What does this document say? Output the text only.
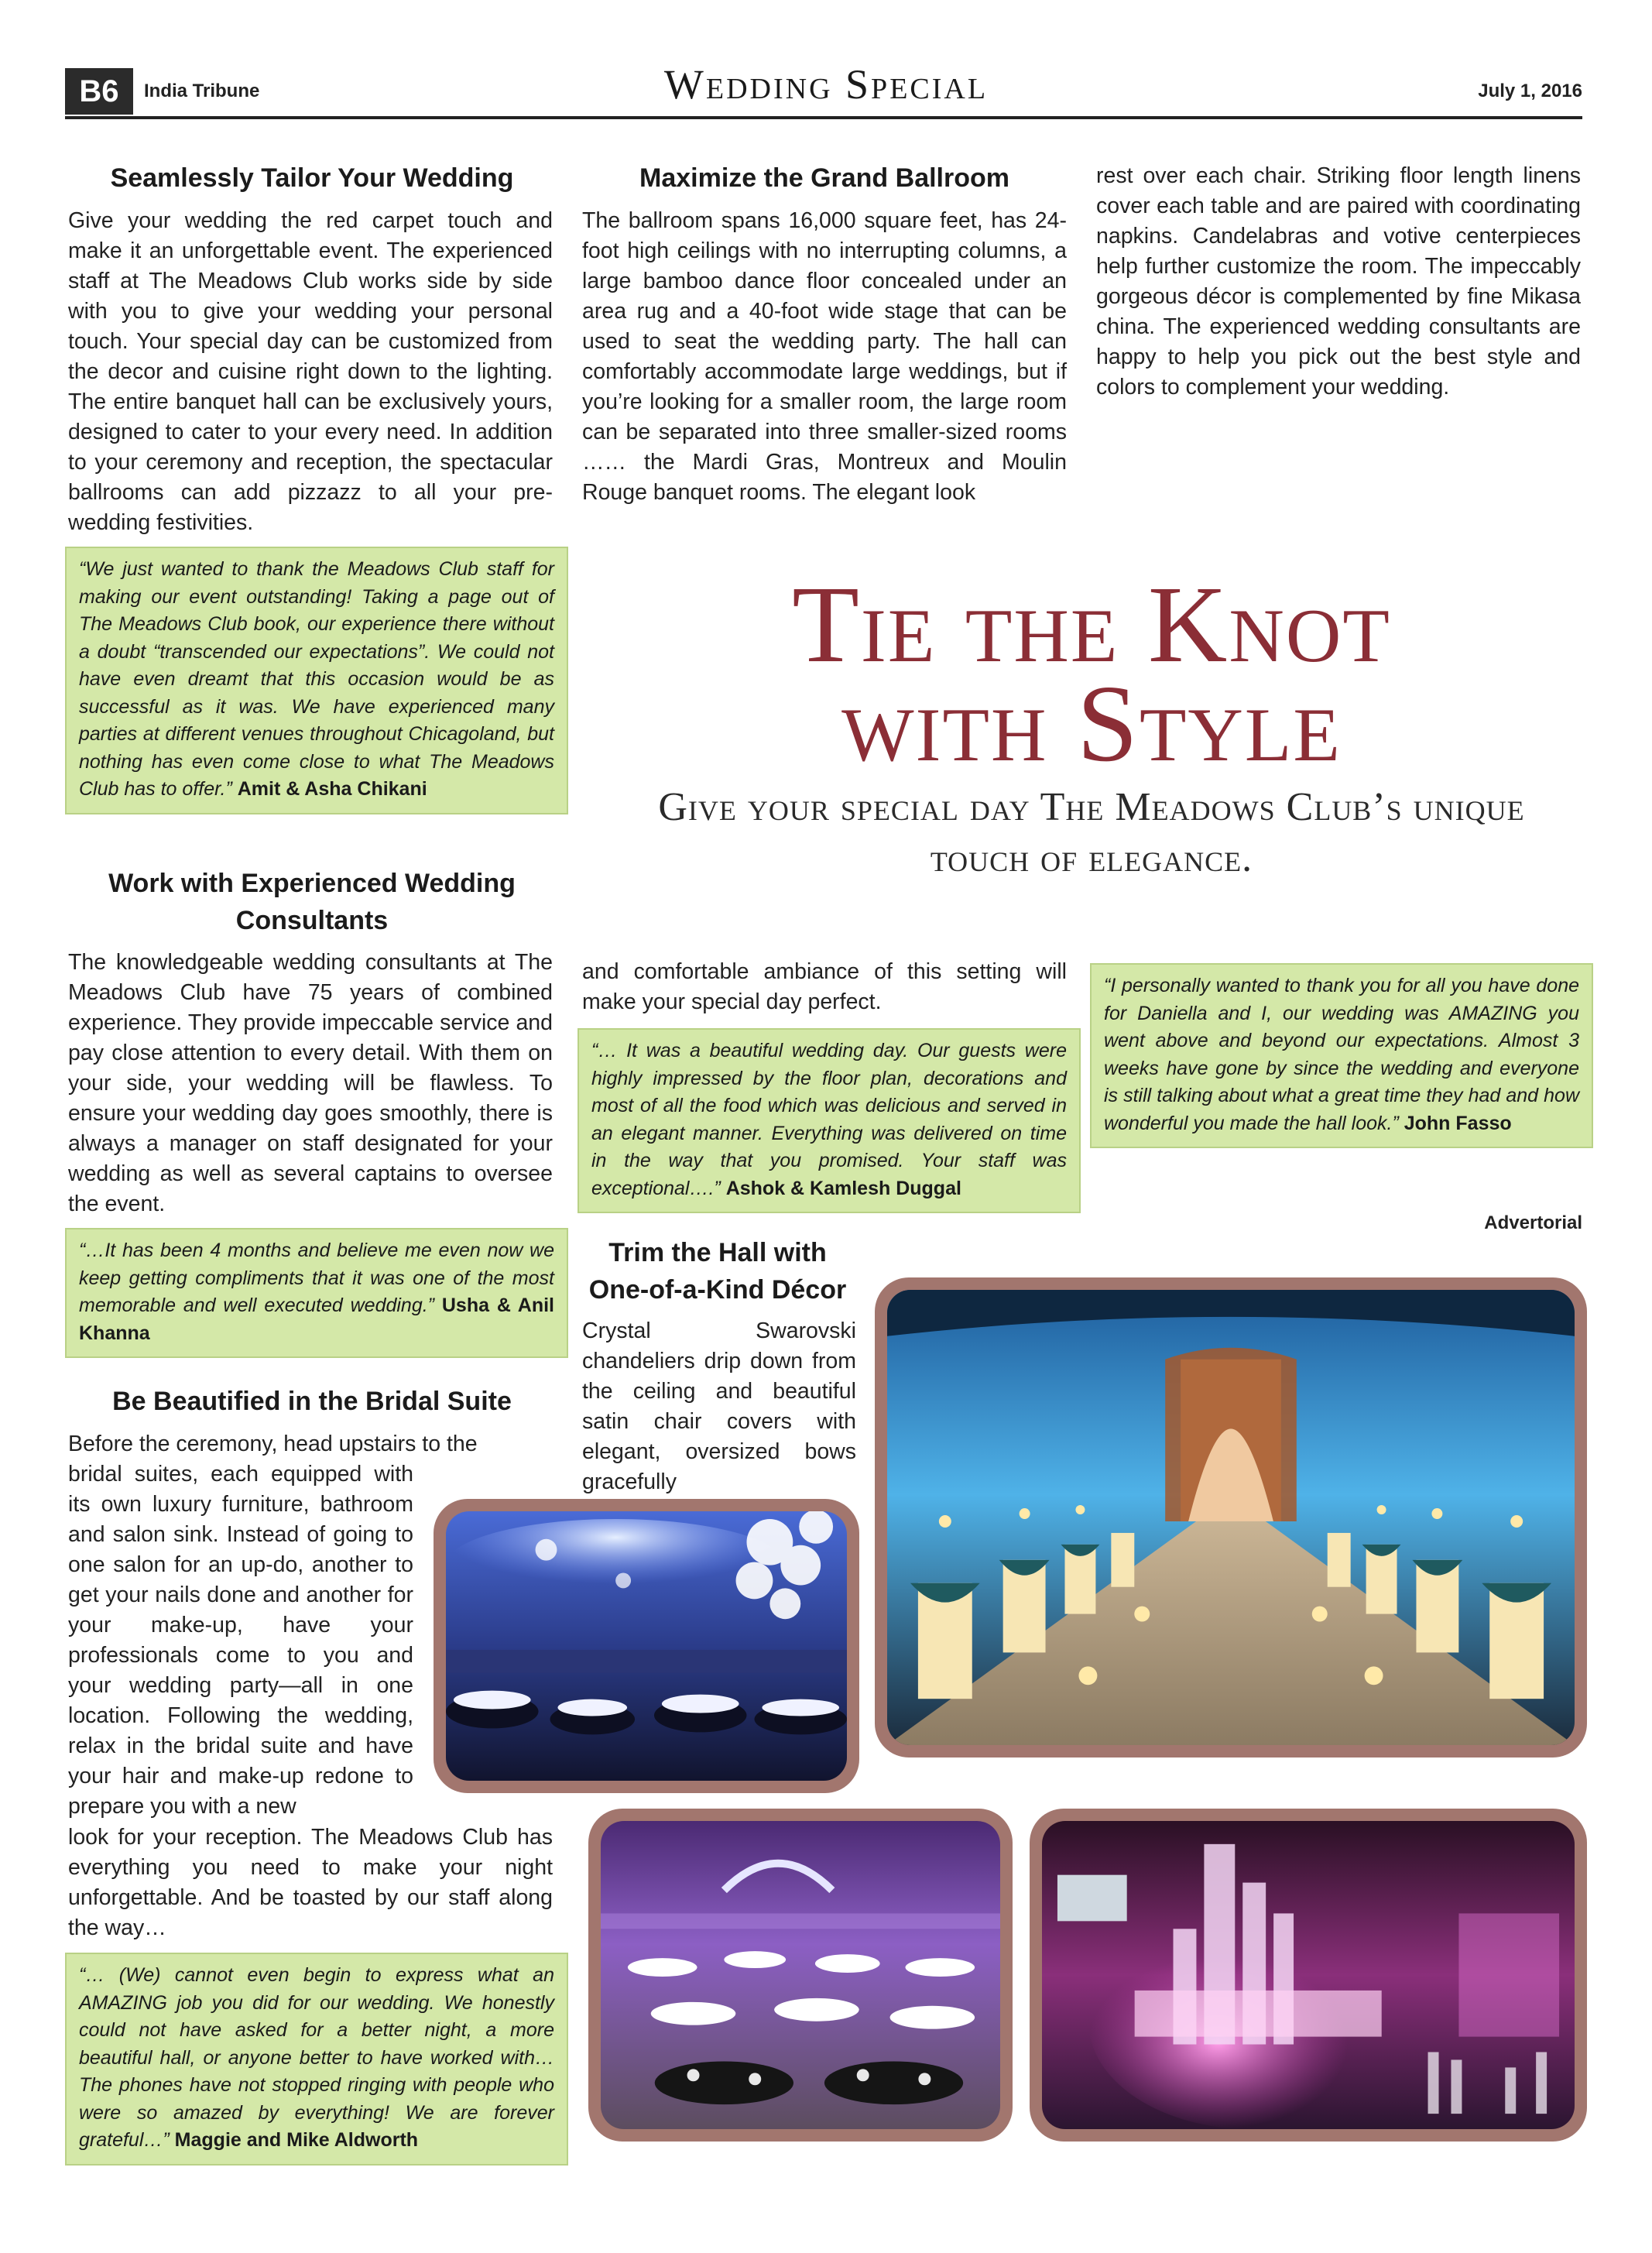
B6	India Tribune	Wedding Special	July 1, 2016
Seamlessly Tailor Your Wedding

Give your wedding the red carpet touch and make it an unforgettable event. The experienced staff at The Meadows Club works side by side with you to give your wedding your personal touch. Your special day can be customized from the decor and cuisine right down to the lighting. The entire banquet hall can be exclusively yours, designed to cater to your every need. In addition to your ceremony and reception, the spectacular ballrooms can add pizzazz to all your pre-wedding festivities.

“We just wanted to thank the Meadows Club staff for making our event outstanding! Taking a page out of The Meadows Club book, our experience there without a doubt “transcended our expectations”. We could not have even dreamt that this occasion would be as successful as it was. We have experienced many parties at different venues throughout Chicagoland, but nothing has even come close to what The Meadows Club has to offer.” Amit & Asha Chikani
Work with Experienced Wedding Consultants

The knowledgeable wedding consultants at The Meadows Club have 75 years of combined experience. They provide impeccable service and pay close attention to every detail. With them on your side, your wedding will be flawless. To ensure your wedding day goes smoothly, there is always a manager on staff designated for your wedding as well as several captains to oversee the event.

“…It has been 4 months and believe me even now we keep getting compliments that it was one of the most memorable and well executed wedding.” Usha & Anil Khanna
Be Beautified in the Bridal Suite

Before the ceremony, head upstairs to the

bridal suites, each equipped with its own luxury furniture, bathroom and salon sink. Instead of going to one salon for an up-do, another to get your nails done and another for your make-up, have your professionals come to you and your wedding party—all in one location. Following the wedding, relax in the bridal suite and have your hair and make-up redone to prepare you with a new

look for your reception. The Meadows Club has everything you need to make your night unforgettable. And be toasted by our staff along the way…

“… (We) cannot even begin to express what an AMAZING job you did for our wedding. We honestly could not have asked for a better night, a more beautiful hall, or anyone better to have worked with…The phones have not stopped ringing with people who were so amazed by everything! We are forever grateful…” Maggie and Mike Aldworth
Maximize the Grand Ballroom

The ballroom spans 16,000 square feet, has 24-foot high ceilings with no interrupting columns, a large bamboo dance floor concealed under an area rug and a 40-foot wide stage that can be used to seat the wedding party. The hall can comfortably accommodate large weddings, but if you’re looking for a smaller room, the large room can be separated into three smaller-sized rooms …… the Mardi Gras, Montreux and Moulin Rouge banquet rooms. The elegant look

and comfortable ambiance of this setting will make your special day perfect.

“… It was a beautiful wedding day. Our guests were highly impressed by the floor plan, decorations and most of all the food which was delicious and served in an elegant manner. Everything was delivered on time in the way that you promised. Your staff was exceptional….” Ashok & Kamlesh Duggal
Trim the Hall with One-of-a-Kind Décor

Crystal Swarovski chandeliers drip down from the ceiling and beautiful satin chair covers with elegant, oversized bows gracefully

rest over each chair. Striking floor length linens cover each table and are paired with coordinating napkins. Candelabras and votive centerpieces help further customize the room. The impeccably gorgeous décor is complemented by fine Mikasa china. The experienced wedding consultants are happy to help you pick out the best style and colors to complement your wedding.

“I personally wanted to thank you for all you have done for Daniella and I, our wedding was AMAZING you went above and beyond our expectations. Almost 3 weeks have gone by since the wedding and everyone is still talking about what a great time they had and how wonderful you made the hall look.” John Fasso
Advertorial
Tie the Knot
with Style
Give your special day The Meadows Club’s unique
touch of elegance.
